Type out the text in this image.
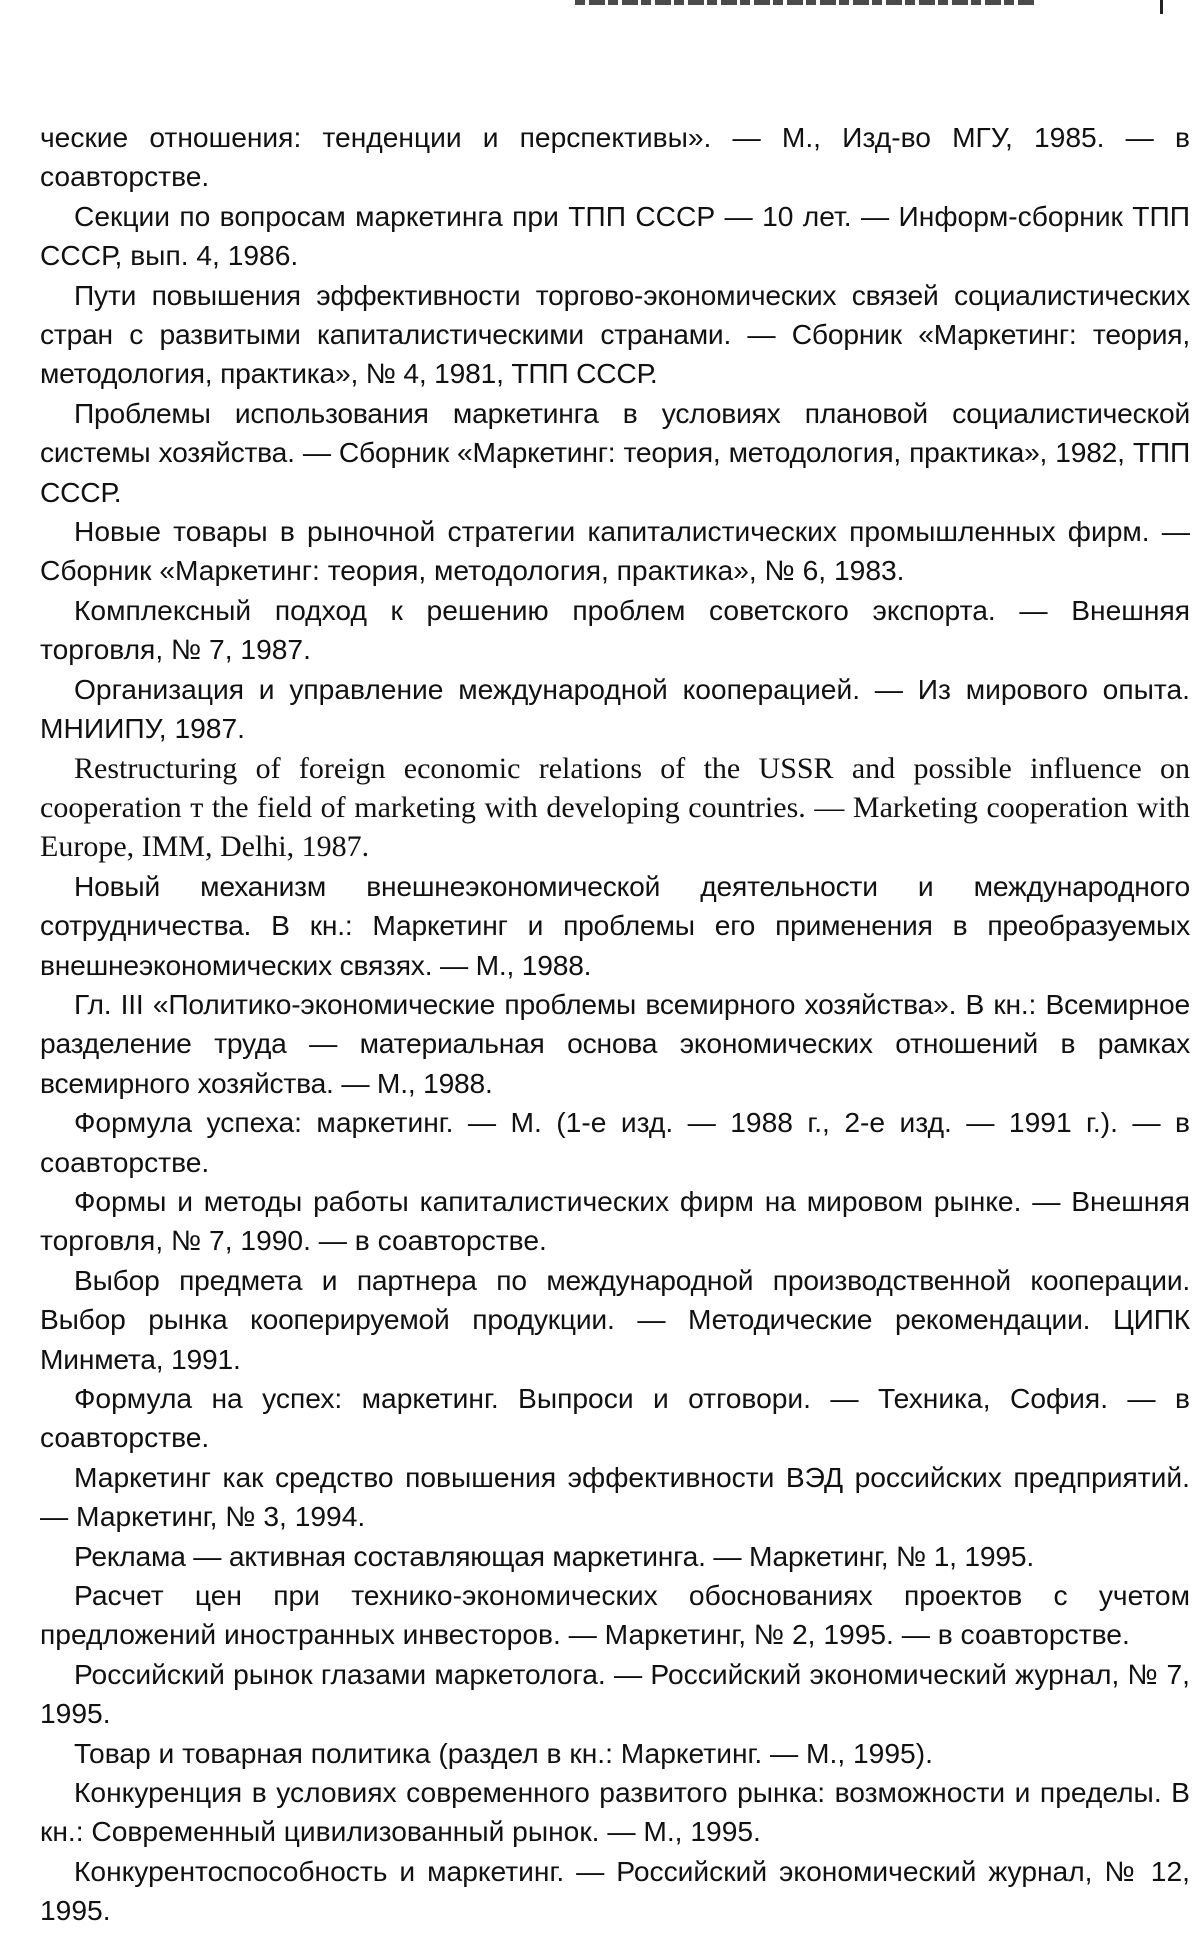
ческие отношения: тенденции и перспективы». — М., Изд-во МГУ, 1985. — в соавторстве.

Секции по вопросам маркетинга при ТПП СССР — 10 лет. — Информ-сборник ТПП СССР, вып. 4, 1986.

Пути повышения эффективности торгово-экономических связей социалистических стран с развитыми капиталистическими странами. — Сборник «Маркетинг: теория, методология, практика», № 4, 1981, ТПП СССР.

Проблемы использования маркетинга в условиях плановой социалистической системы хозяйства. — Сборник «Маркетинг: теория, методология, практика», 1982, ТПП СССР.

Новые товары в рыночной стратегии капиталистических промышленных фирм. — Сборник «Маркетинг: теория, методология, практика», № 6, 1983.

Комплексный подход к решению проблем советского экспорта. — Внешняя торговля, № 7, 1987.

Организация и управление международной кооперацией. — Из мирового опыта. МНИИПУ, 1987.

Restructuring of foreign economic relations of the USSR and possible influence on cooperation т the field of marketing with developing countries. — Marketing cooperation with Europe, IMM, Delhi, 1987.

Новый механизм внешнеэкономической деятельности и международного сотрудничества. В кн.: Маркетинг и проблемы его применения в преобразуемых внешнеэкономических связях. — М., 1988.

Гл. III «Политико-экономические проблемы всемирного хозяйства». В кн.: Всемирное разделение труда — материальная основа экономических отношений в рамках всемирного хозяйства. — М., 1988.

Формула успеха: маркетинг. — М. (1-е изд. — 1988 г., 2-е изд. — 1991 г.). — в соавторстве.

Формы и методы работы капиталистических фирм на мировом рынке. — Внешняя торговля, № 7, 1990. — в соавторстве.

Выбор предмета и партнера по международной производственной кооперации. Выбор рынка кооперируемой продукции. — Методические рекомендации. ЦИПК Минмета, 1991.

Формула на успех: маркетинг. Выпроси и отговори. — Техника, София. — в соавторстве.

Маркетинг как средство повышения эффективности ВЭД российских предприятий. — Маркетинг, № 3, 1994.

Реклама — активная составляющая маркетинга. — Маркетинг, № 1, 1995.

Расчет цен при технико-экономических обоснованиях проектов с учетом предложений иностранных инвесторов. — Маркетинг, № 2, 1995. — в соавторстве.

Российский рынок глазами маркетолога. — Российский экономический журнал, № 7, 1995.

Товар и товарная политика (раздел в кн.: Маркетинг. — М., 1995).

Конкуренция в условиях современного развитого рынка: возможности и пределы. В кн.: Современный цивилизованный рынок. — М., 1995.

Конкурентоспособность и маркетинг. — Российский экономический журнал, № 12, 1995.
